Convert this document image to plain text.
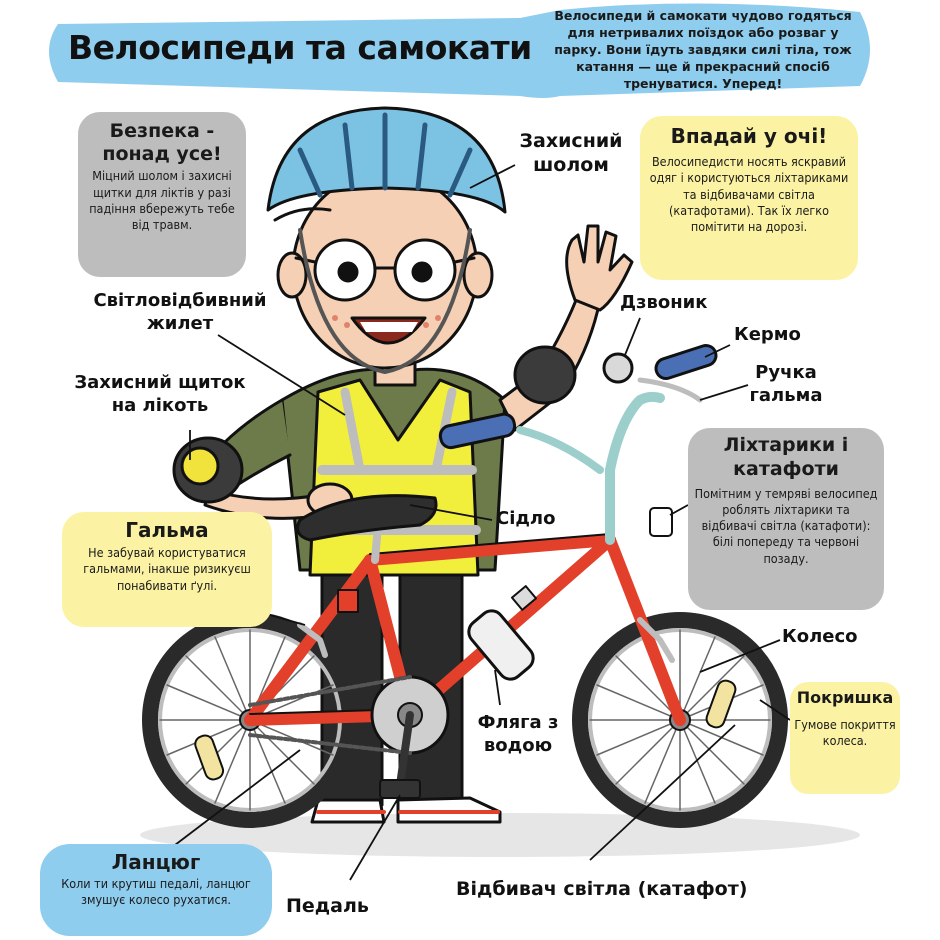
Велосипеди та самокати
Велосипеди й самокати чудово годяться для нетривалих поїздок або розваг у парку. Вони їдуть завдяки силі тіла, тож катання — ще й прекрасний спосіб тренуватися. Уперед!
Безпека - понад усе!
Міцний шолом і захисні щитки для ліктів у разі падіння вбережуть тебе від травм.
Впадай у очі!
Велосипедисти носять яскравий одяг і користуються ліхтариками та відбивачами світла (катафотами). Так їх легко помітити на дорозі.
Гальма
Не забувай користуватися гальмами, інакше ризикуєш понабивати ґулі.
Ліхтарики і катафоти
Помітним у темряві велосипед роблять ліхтарики та відбивачі світла (катафоти): білі попереду та червоні позаду.
Покришка
Гумове покриття колеса.
Ланцюг
Коли ти крутиш педалі, ланцюг змушує колесо рухатися.
Захисний шолом
Світловідбивний жилет
Захисний щиток на лікоть
Дзвоник
Кермо
Ручка гальма
Сідло
Колесо
Фляга з водою
Педаль
Відбивач світла (катафот)
